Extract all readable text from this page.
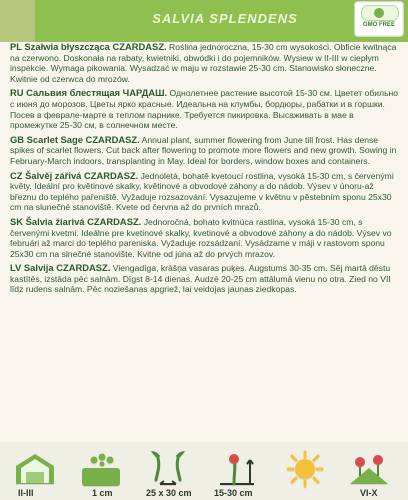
SALVIA SPLENDENS	GMO FREE

PL Szałwia błyszcząca CZARDASZ. Roślina jednoroczna, 15-30 cm wysokości. Obficie kwitnąca na czerwono. Doskonała na rabaty, kwietniki, obwódki i do pojemników. Wysiew w II-III w ciepłym inspekcie. Wymaga pikowania. Wysadzać w maju w rozstawie 25-30 cm. Stanowisko słoneczne. Kwitnie od czerwca do mrozów.

RU Сальвия блестящая ЧАРДАШ. Однолетнее растение высотой 15-30 см. Цветет обильно с июня до морозов. Цветы ярко красные. Идеальна на клумбы, бордюры, рабатки и в горшки. Посев в феврале-марте в теплом парнике. Требуется пикировка. Высаживать в мае в промежутке 25-30 см, в солнечном месте.

GB Scarlet Sage CZARDASZ. Annual plant, summer flowering from June till frost. Has dense spikes of scarlet flowers. Cut back after flowering to promote more flowers and new growth. Sowing in February-March indoors, transplanting in May. Ideal for borders, window boxes and containers.

CZ Šalvěj zářivá CZARDASZ. Jednoletá, bohatě kvetoucí rostlina, vysoká 15-30 cm, s červenými květy. Ideální pro květinové skalky, květinové a obvodové záhony a do nádob. Výsev v únoru-až březnu do teplého pařeniště. Vyžaduje rozsazování. Vysazujeme v květnu v pěstebním sponu 25x30 cm na slunečné stanoviště. Kvete od června až do prvních mrazů.

SK Šalvia žiarivá CZARDASZ. Jednoročná, bohato kvitnúca rastlina, vysoká 15-30 cm, s červenými kvetmi. Ideálne pre kvetinové skalky, kvetinové a obvodové záhony a do nádob. Výsev vo februári až marci do teplého pareniska. Vyžaduje rozsádzaní. Vysádzame v máji v rastovom sponu 25x30 cm na slnečné stanovište. Kvitne od júna až do prvých mrazov.

LV Salvija CZARDASZ. Viengadīga, krāšņa vasaras puķes. Augstums 30-35 cm. Sēj martā dēstu kastītēs, izstāda pēc salnām. Dīgst 8-14 dienas. Audzē 20-25 cm attālumā vienu no otra. Zied no VII līdz rudens salnām. Pēc noziešanas apgriež, lai veidojas jaunas ziedkopas.

II-III	1 cm	25 x 30 cm 15-30 cm	VI-X
